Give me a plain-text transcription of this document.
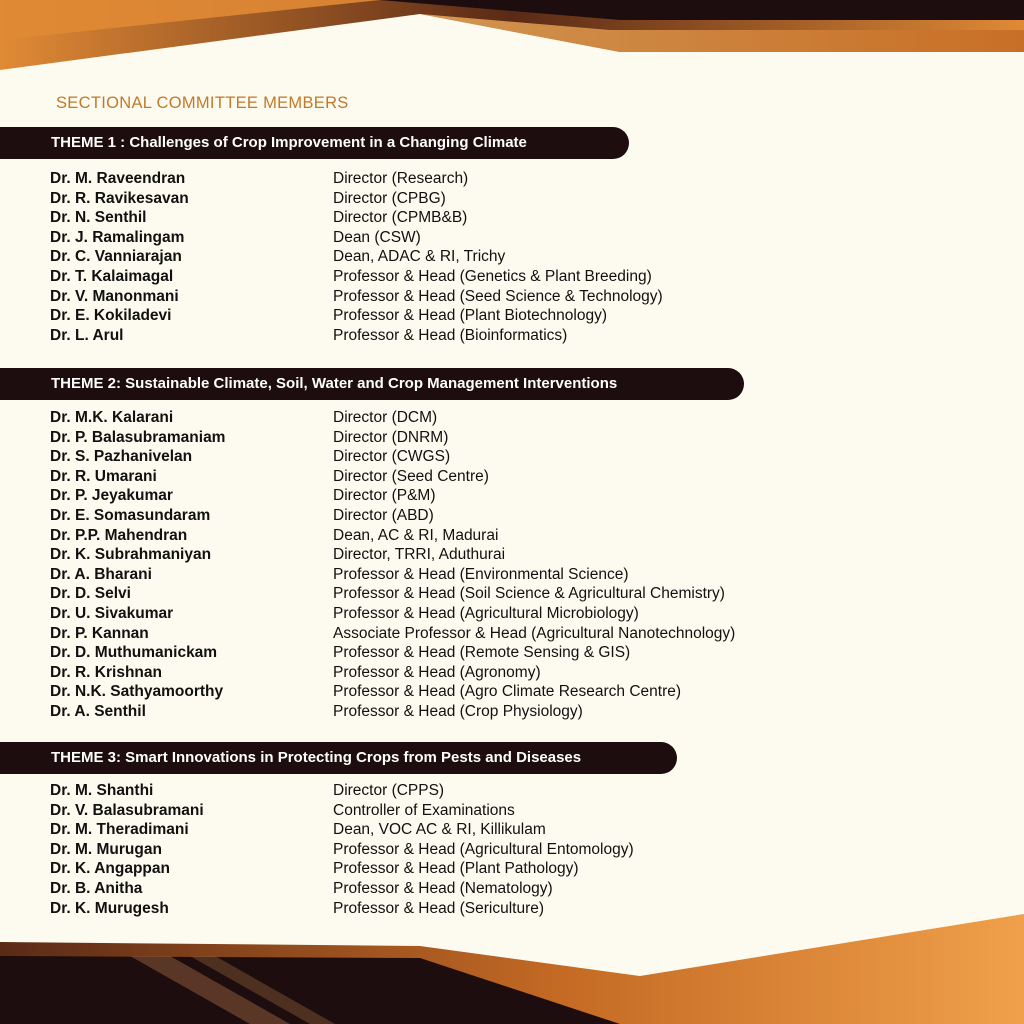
SECTIONAL COMMITTEE MEMBERS
THEME 1 : Challenges of Crop Improvement in a Changing Climate
Dr. M. Raveendran	Director (Research)
Dr. R. Ravikesavan	Director (CPBG)
Dr. N. Senthil	Director (CPMB&B)
Dr. J. Ramalingam	Dean (CSW)
Dr. C. Vanniarajan	Dean, ADAC & RI, Trichy
Dr. T. Kalaimagal	Professor & Head (Genetics & Plant Breeding)
Dr. V. Manonmani	Professor & Head (Seed Science & Technology)
Dr. E. Kokiladevi	Professor & Head (Plant Biotechnology)
Dr. L. Arul	Professor & Head (Bioinformatics)
THEME 2: Sustainable Climate, Soil, Water and Crop Management Interventions
Dr. M.K. Kalarani	Director (DCM)
Dr. P. Balasubramaniam	Director (DNRM)
Dr. S. Pazhanivelan	Director (CWGS)
Dr. R. Umarani	Director (Seed Centre)
Dr. P. Jeyakumar	Director (P&M)
Dr. E. Somasundaram	Director (ABD)
Dr. P.P. Mahendran	Dean, AC & RI, Madurai
Dr. K. Subrahmaniyan	Director, TRRI, Aduthurai
Dr. A. Bharani	Professor & Head (Environmental Science)
Dr. D. Selvi	Professor & Head (Soil Science & Agricultural Chemistry)
Dr. U. Sivakumar	Professor & Head (Agricultural Microbiology)
Dr. P. Kannan	Associate Professor & Head (Agricultural Nanotechnology)
Dr. D. Muthumanickam	Professor & Head (Remote Sensing & GIS)
Dr. R. Krishnan	Professor & Head (Agronomy)
Dr. N.K. Sathyamoorthy	Professor & Head (Agro Climate Research Centre)
Dr. A. Senthil	Professor & Head (Crop Physiology)
THEME 3: Smart Innovations in Protecting Crops from Pests and Diseases
Dr. M. Shanthi	Director (CPPS)
Dr. V. Balasubramani	Controller of Examinations
Dr. M. Theradimani	Dean, VOC AC & RI, Killikulam
Dr. M. Murugan	Professor & Head (Agricultural Entomology)
Dr. K. Angappan	Professor & Head (Plant Pathology)
Dr. B. Anitha	Professor & Head (Nematology)
Dr. K. Murugesh	Professor & Head (Sericulture)
